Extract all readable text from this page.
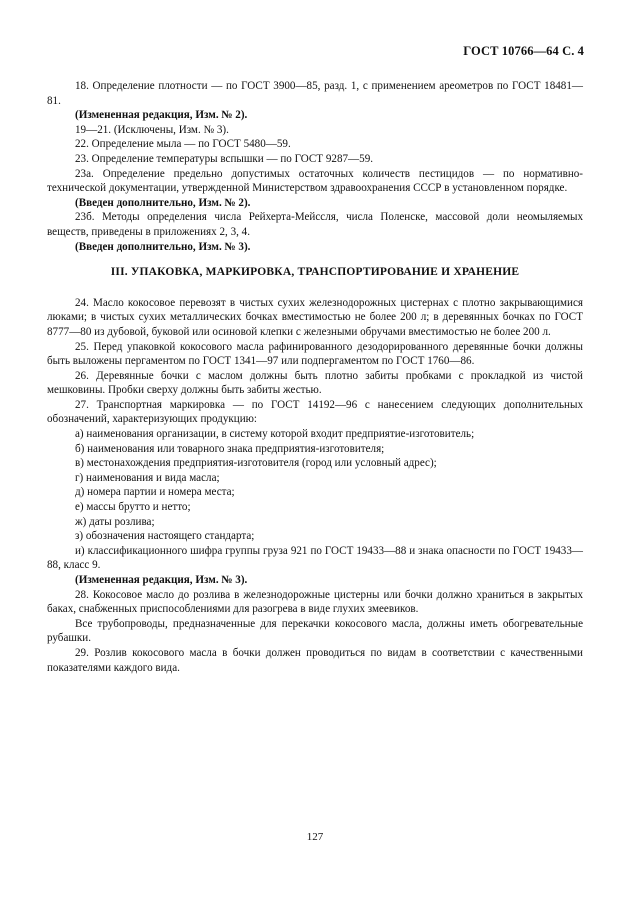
ГОСТ 10766—64 С. 4

18. Определение плотности — по ГОСТ 3900—85, разд. 1, с применением ареометров по ГОСТ 18481—81.

(Измененная редакция, Изм. № 2).

19—21. (Исключены, Изм. № 3).

22. Определение мыла — по ГОСТ 5480—59.

23. Определение температуры вспышки — по ГОСТ 9287—59.

23а. Определение предельно допустимых остаточных количеств пестицидов — по нормативно-технической документации, утвержденной Министерством здравоохранения СССР в установленном порядке.

(Введен дополнительно, Изм. № 2).

23б. Методы определения числа Рейхерта-Мейссля, числа Поленске, массовой доли неомыляемых веществ, приведены в приложениях 2, 3, 4.

(Введен дополнительно, Изм. № 3).

III. УПАКОВКА, МАРКИРОВКА, ТРАНСПОРТИРОВАНИЕ И ХРАНЕНИЕ

24. Масло кокосовое перевозят в чистых сухих железнодорожных цистернах с плотно закрывающимися люками; в чистых сухих металлических бочках вместимостью не более 200 л; в деревянных бочках по ГОСТ 8777—80 из дубовой, буковой или осиновой клепки с железными обручами вместимостью не более 200 л.

25. Перед упаковкой кокосового масла рафинированного дезодорированного деревянные бочки должны быть выложены пергаментом по ГОСТ 1341—97 или подпергаментом по ГОСТ 1760—86.

26. Деревянные бочки с маслом должны быть плотно забиты пробками с прокладкой из чистой мешковины. Пробки сверху должны быть забиты жестью.

27. Транспортная маркировка — по ГОСТ 14192—96 с нанесением следующих дополнительных обозначений, характеризующих продукцию:

а) наименования организации, в систему которой входит предприятие-изготовитель;

б) наименования или товарного знака предприятия-изготовителя;

в) местонахождения предприятия-изготовителя (город или условный адрес);

г) наименования и вида масла;

д) номера партии и номера места;

е) массы брутто и нетто;

ж) даты розлива;

з) обозначения настоящего стандарта;

и) классификационного шифра группы груза 921 по ГОСТ 19433—88 и знака опасности по ГОСТ 19433—88, класс 9.

(Измененная редакция, Изм. № 3).

28. Кокосовое масло до розлива в железнодорожные цистерны или бочки должно храниться в закрытых баках, снабженных приспособлениями для разогрева в виде глухих змеевиков.

Все трубопроводы, предназначенные для перекачки кокосового масла, должны иметь обогревательные рубашки.

29. Розлив кокосового масла в бочки должен проводиться по видам в соответствии с качественными показателями каждого вида.

127
